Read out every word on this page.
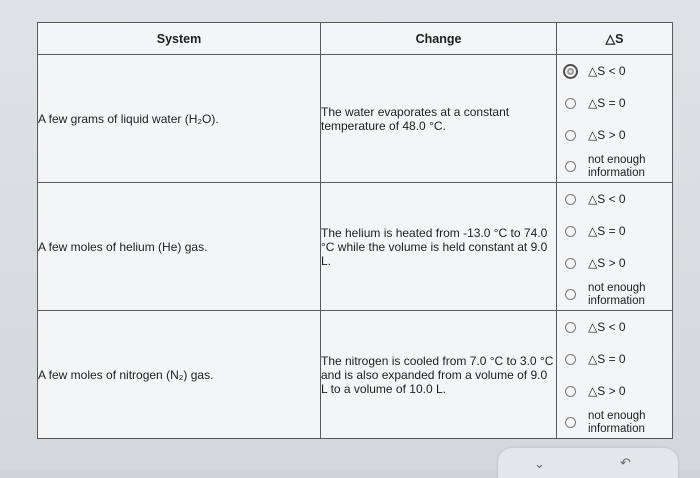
System	Change	△S
A few grams of liquid water (H₂O).	The water evaporates at a constant temperature of 48.0 °C.	△S < 0
△S = 0
△S > 0
not enough information

A few moles of helium (He) gas.	The helium is heated from -13.0 °C to 74.0 °C while the volume is held constant at 9.0 L.	△S < 0
△S = 0
△S > 0
not enough information

A few moles of nitrogen (N₂) gas.	The nitrogen is cooled from 7.0 °C to 3.0 °C and is also expanded from a volume of 9.0 L to a volume of 10.0 L.	△S < 0
△S = 0
△S > 0
not enough information
⌄	↶
